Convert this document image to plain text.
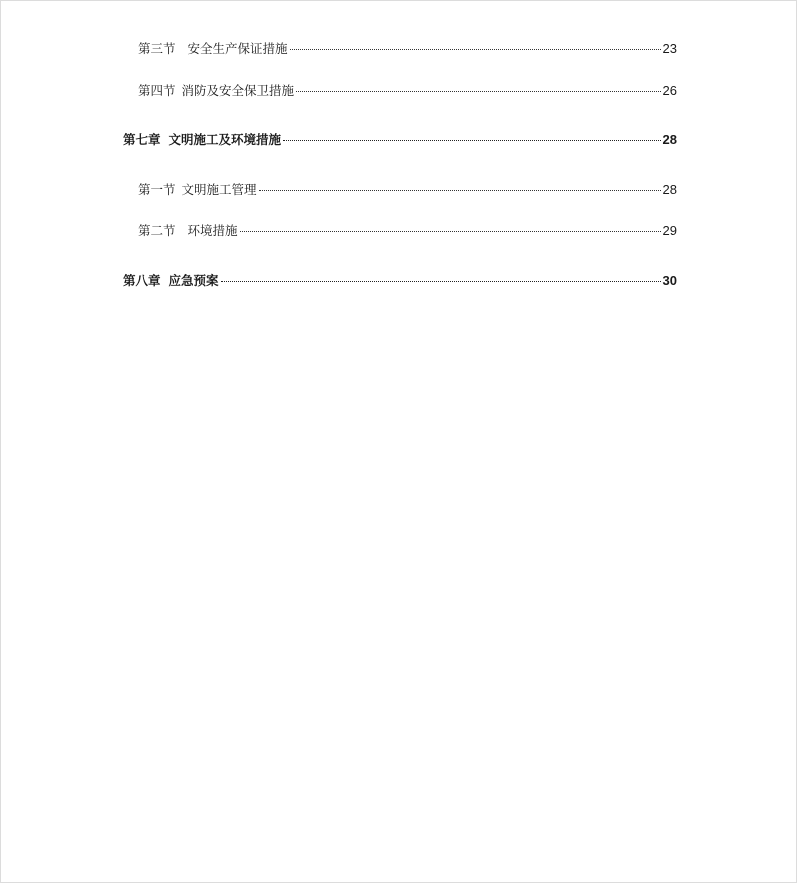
第三节 安全生产保证措施	23
第四节 消防及安全保卫措施	26
第七章 文明施工及环境措施	28
第一节 文明施工管理	28
第二节 环境措施	29
第八章 应急预案	30
